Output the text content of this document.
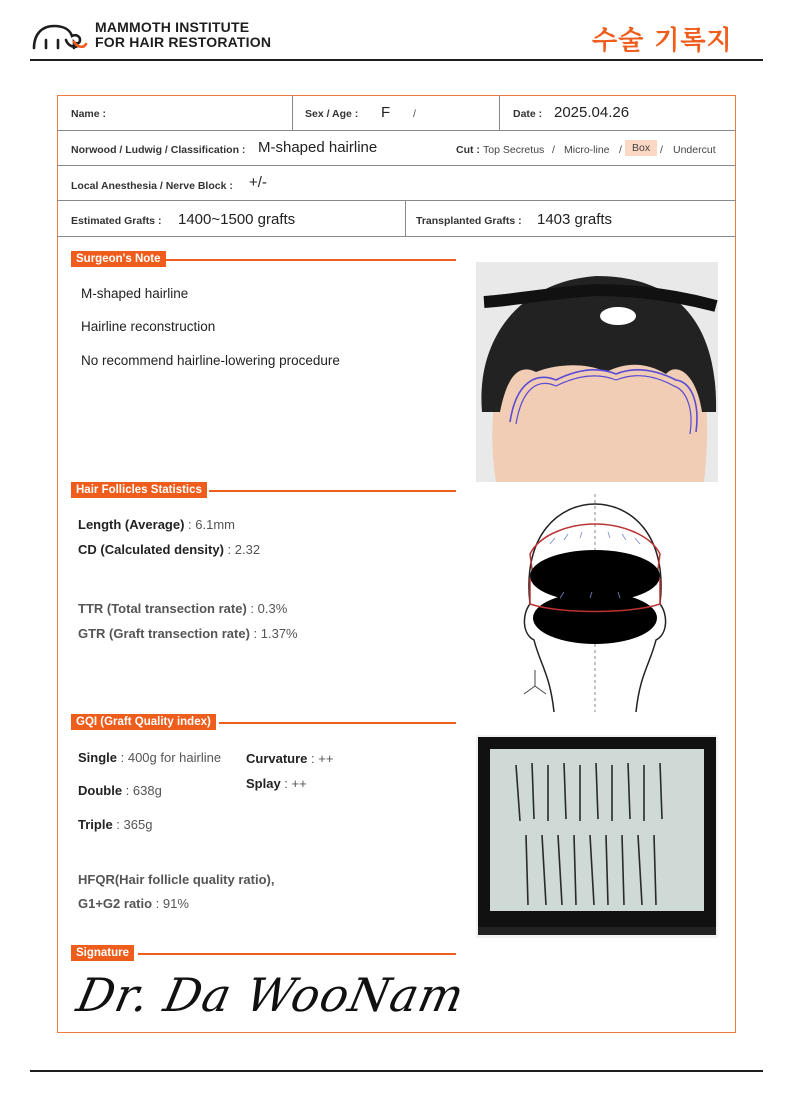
MAMMOTH INSTITUTE
FOR HAIR RESTORATION	수술 기록지
Name :	Sex / Age : F /	Date : 2025.04.26
Norwood / Ludwig / Classification : M-shaped hairline	Cut : Top Secretus / Micro-line / Box / Undercut
Local Anesthesia / Nerve Block : +/-
Estimated Grafts : 1400~1500 grafts	Transplanted Grafts : 1403 grafts
Surgeon's Note
M-shaped hairline
Hairline reconstruction
No recommend hairline-lowering procedure
Hair Follicles Statistics
Length (Average) : 6.1mm
CD (Calculated density) : 2.32
TTR (Total transection rate) : 0.3%
GTR (Graft transection rate) : 1.37%
GQI (Graft Quality index)
Single : 400g for hairline
Double : 638g
Triple : 365g
Curvature : ++
Splay : ++
HFQR(Hair follicle quality ratio),
G1+G2 ratio : 91%
Signature
Dr. Da WooNam
